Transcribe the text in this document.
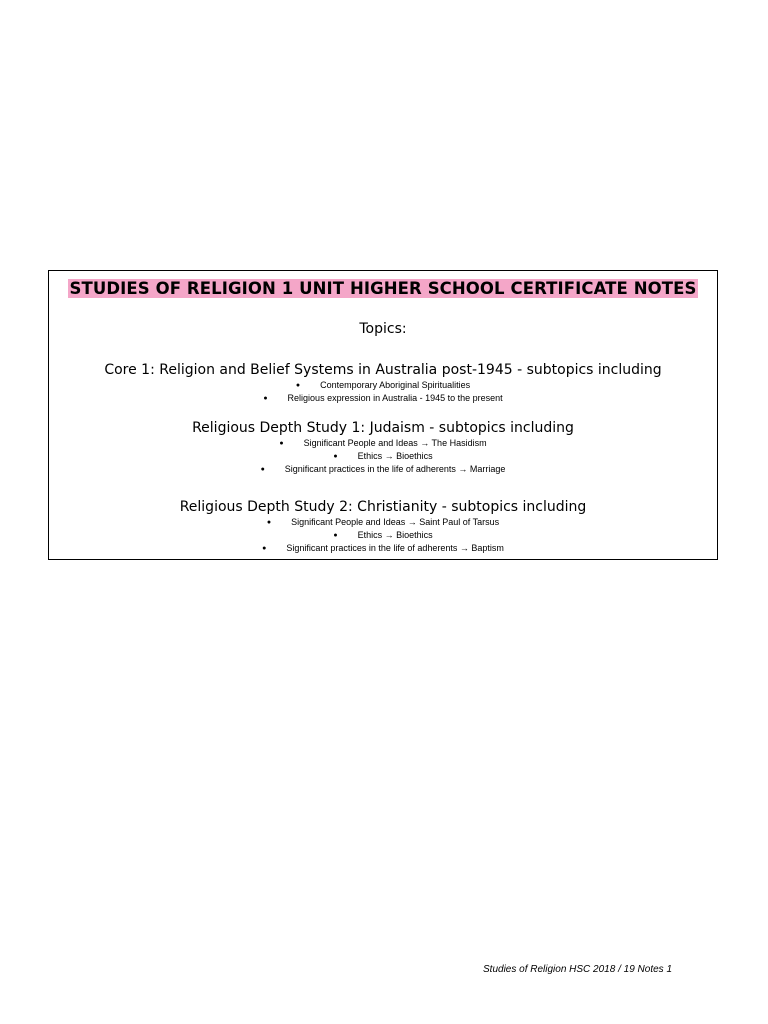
STUDIES OF RELIGION 1 UNIT HIGHER SCHOOL CERTIFICATE NOTES
Topics:
Core 1: Religion and Belief Systems in Australia post-1945 - subtopics including
● Contemporary Aboriginal Spiritualities
● Religious expression in Australia - 1945 to the present
Religious Depth Study 1: Judaism - subtopics including
● Significant People and Ideas → The Hasidism
● Ethics → Bioethics
● Significant practices in the life of adherents → Marriage
Religious Depth Study 2: Christianity - subtopics including
● Significant People and Ideas → Saint Paul of Tarsus
● Ethics → Bioethics
● Significant practices in the life of adherents → Baptism
Studies of Religion HSC 2018 / 19 Notes 1
